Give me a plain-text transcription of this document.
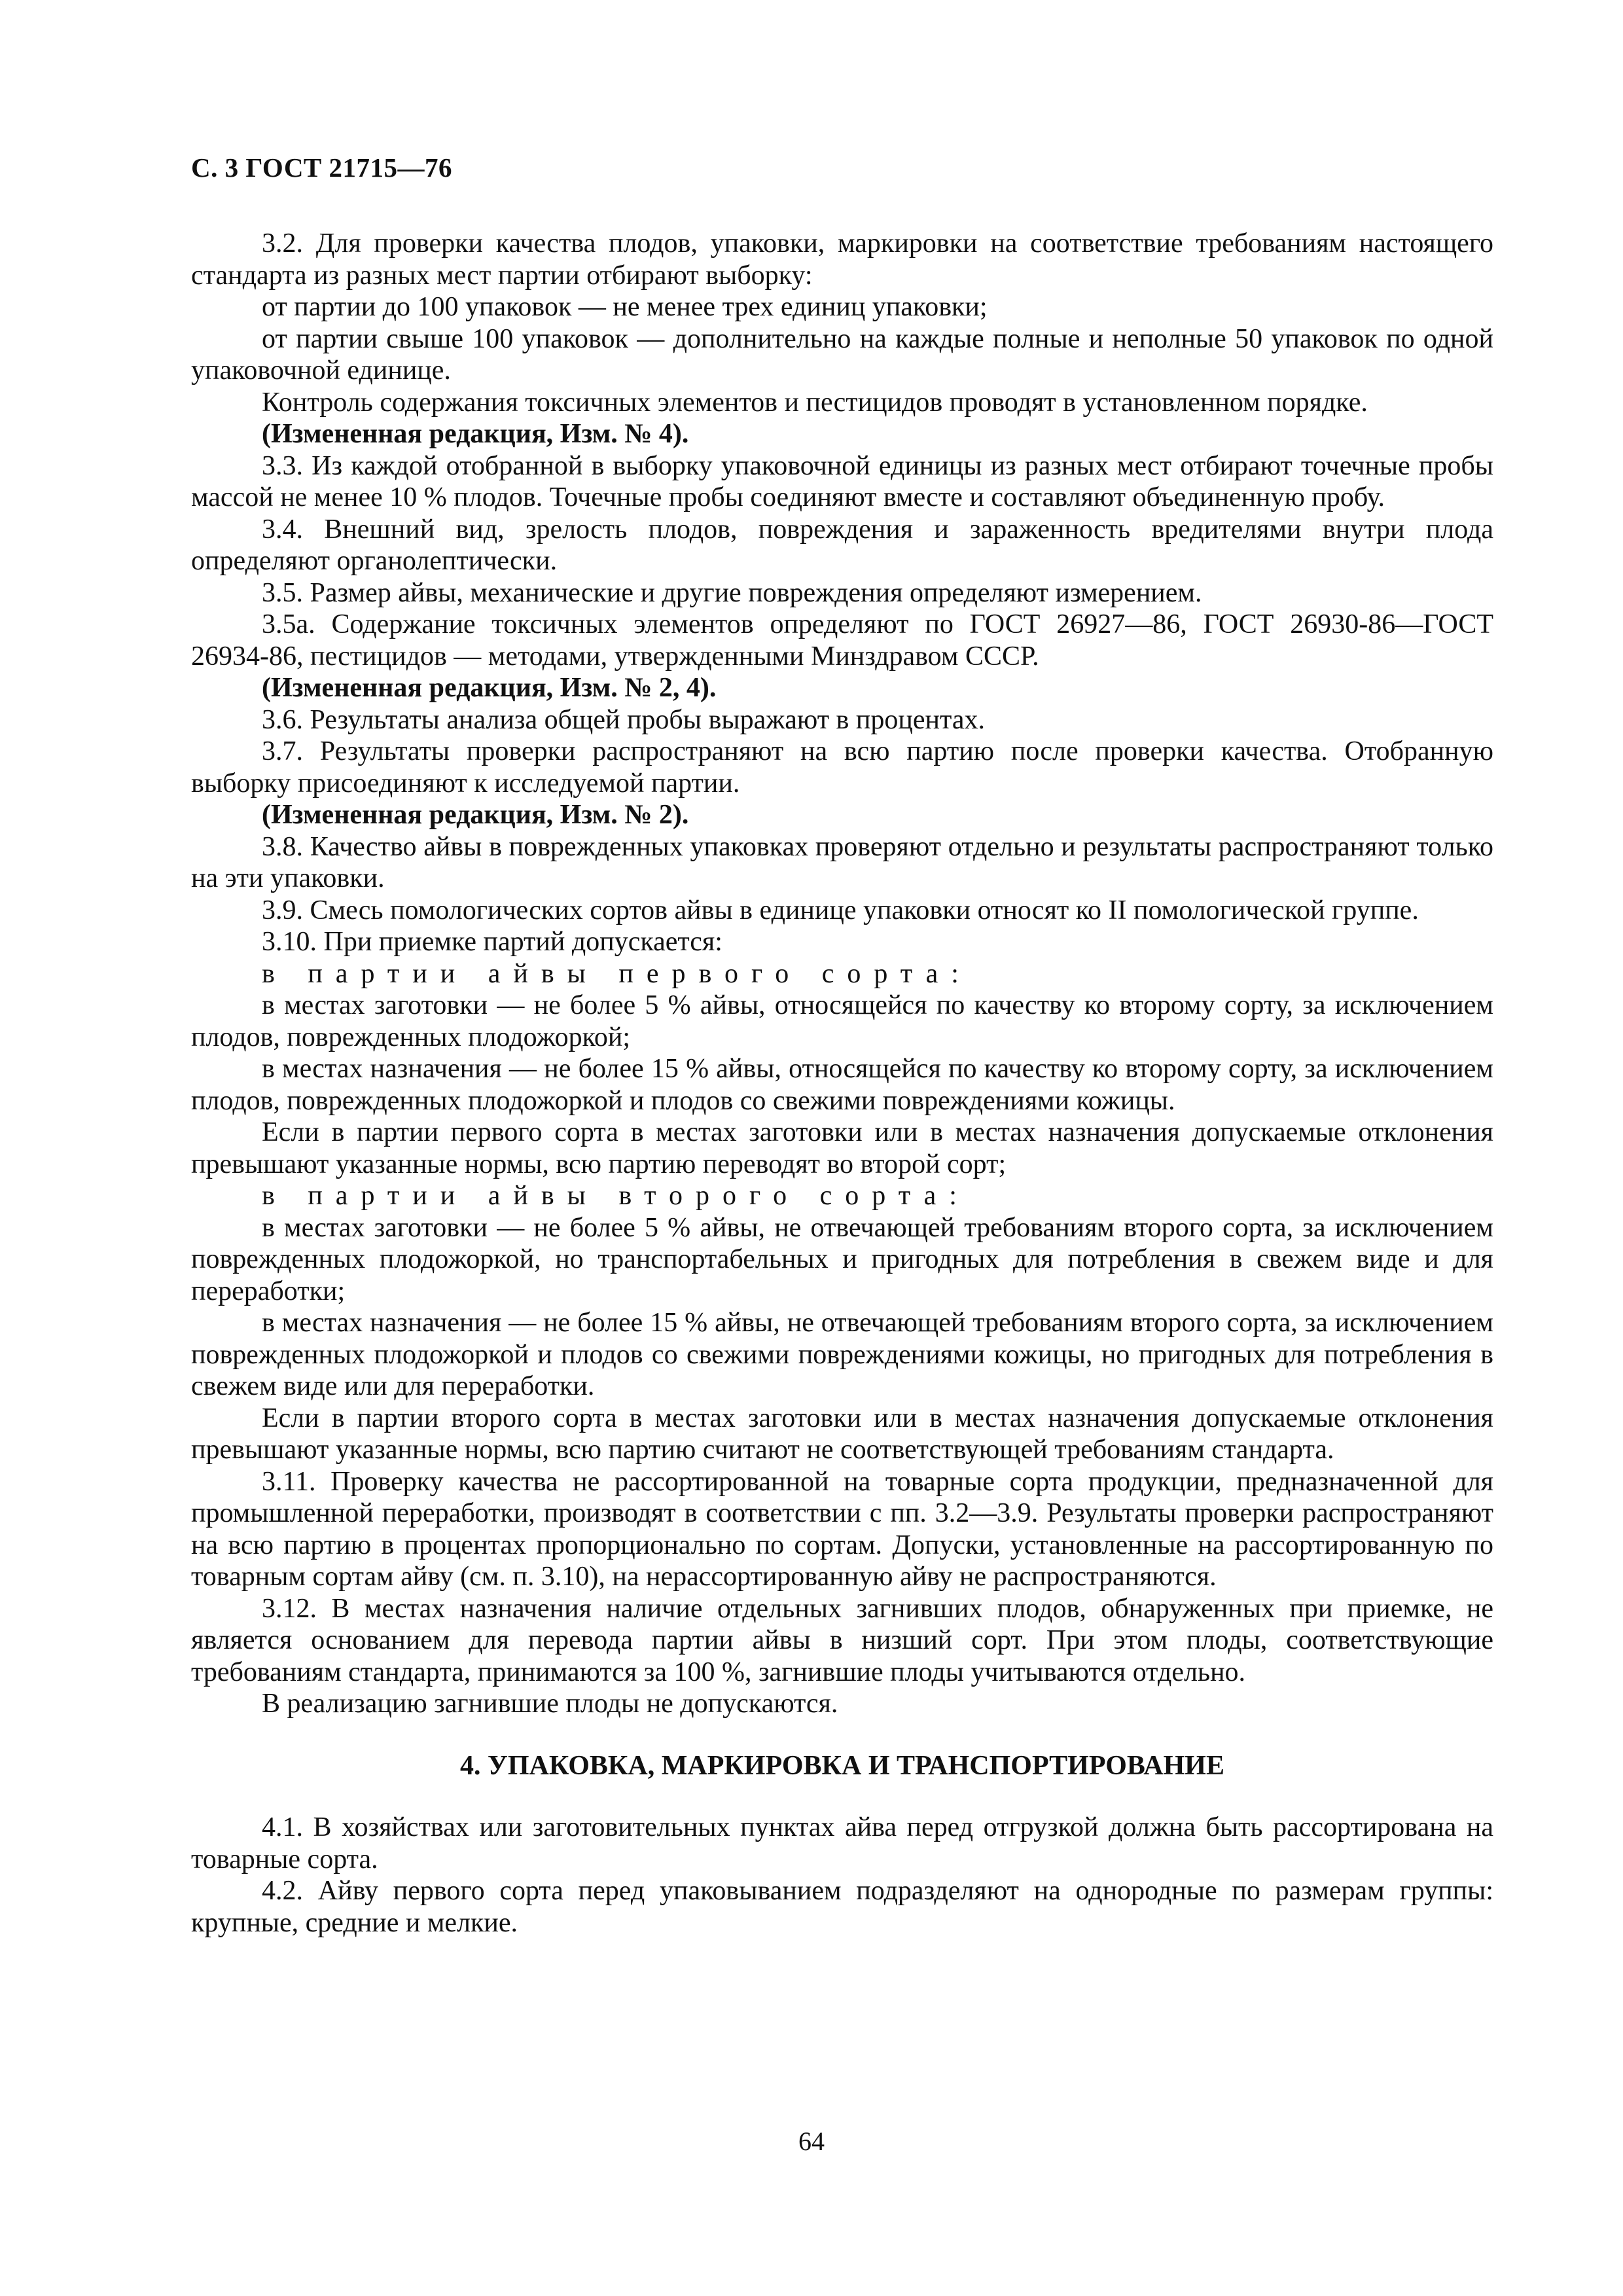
С. 3 ГОСТ 21715—76

3.2. Для проверки качества плодов, упаковки, маркировки на соответствие требованиям настоящего стандарта из разных мест партии отбирают выборку:

от партии до 100 упаковок — не менее трех единиц упаковки;

от партии свыше 100 упаковок — дополнительно на каждые полные и неполные 50 упаковок по одной упаковочной единице.

Контроль содержания токсичных элементов и пестицидов проводят в установленном порядке.

(Измененная редакция, Изм. № 4).

3.3. Из каждой отобранной в выборку упаковочной единицы из разных мест отбирают точечные пробы массой не менее 10 % плодов. Точечные пробы соединяют вместе и составляют объединенную пробу.

3.4. Внешний вид, зрелость плодов, повреждения и зараженность вредителями внутри плода определяют органолептически.

3.5. Размер айвы, механические и другие повреждения определяют измерением.

3.5а. Содержание токсичных элементов определяют по ГОСТ 26927—86, ГОСТ 26930-86—ГОСТ 26934-86, пестицидов — методами, утвержденными Минздравом СССР.

(Измененная редакция, Изм. № 2, 4).

3.6. Результаты анализа общей пробы выражают в процентах.

3.7. Результаты проверки распространяют на всю партию после проверки качества. Отобранную выборку присоединяют к исследуемой партии.

(Измененная редакция, Изм. № 2).

3.8. Качество айвы в поврежденных упаковках проверяют отдельно и результаты распространяют только на эти упаковки.

3.9. Смесь помологических сортов айвы в единице упаковки относят ко II помологической группе.

3.10. При приемке партий допускается:

в партии айвы первого сорта:

в местах заготовки — не более 5 % айвы, относящейся по качеству ко второму сорту, за исключением плодов, поврежденных плодожоркой;

в местах назначения — не более 15 % айвы, относящейся по качеству ко второму сорту, за исключением плодов, поврежденных плодожоркой и плодов со свежими повреждениями кожицы.

Если в партии первого сорта в местах заготовки или в местах назначения допускаемые отклонения превышают указанные нормы, всю партию переводят во второй сорт;

в партии айвы второго сорта:

в местах заготовки — не более 5 % айвы, не отвечающей требованиям второго сорта, за исключением поврежденных плодожоркой, но транспортабельных и пригодных для потребления в свежем виде и для переработки;

в местах назначения — не более 15 % айвы, не отвечающей требованиям второго сорта, за исключением поврежденных плодожоркой и плодов со свежими повреждениями кожицы, но пригодных для потребления в свежем виде или для переработки.

Если в партии второго сорта в местах заготовки или в местах назначения допускаемые отклонения превышают указанные нормы, всю партию считают не соответствующей требованиям стандарта.

3.11. Проверку качества не рассортированной на товарные сорта продукции, предназначенной для промышленной переработки, производят в соответствии с пп. 3.2—3.9. Результаты проверки распространяют на всю партию в процентах пропорционально по сортам. Допуски, установленные на рассортированную по товарным сортам айву (см. п. 3.10), на нерассортированную айву не распространяются.

3.12. В местах назначения наличие отдельных загнивших плодов, обнаруженных при приемке, не является основанием для перевода партии айвы в низший сорт. При этом плоды, соответствующие требованиям стандарта, принимаются за 100 %, загнившие плоды учитываются отдельно.

В реализацию загнившие плоды не допускаются.

4. УПАКОВКА, МАРКИРОВКА И ТРАНСПОРТИРОВАНИЕ

4.1. В хозяйствах или заготовительных пунктах айва перед отгрузкой должна быть рассортирована на товарные сорта.

4.2. Айву первого сорта перед упаковыванием подразделяют на однородные по размерам группы: крупные, средние и мелкие.

64
